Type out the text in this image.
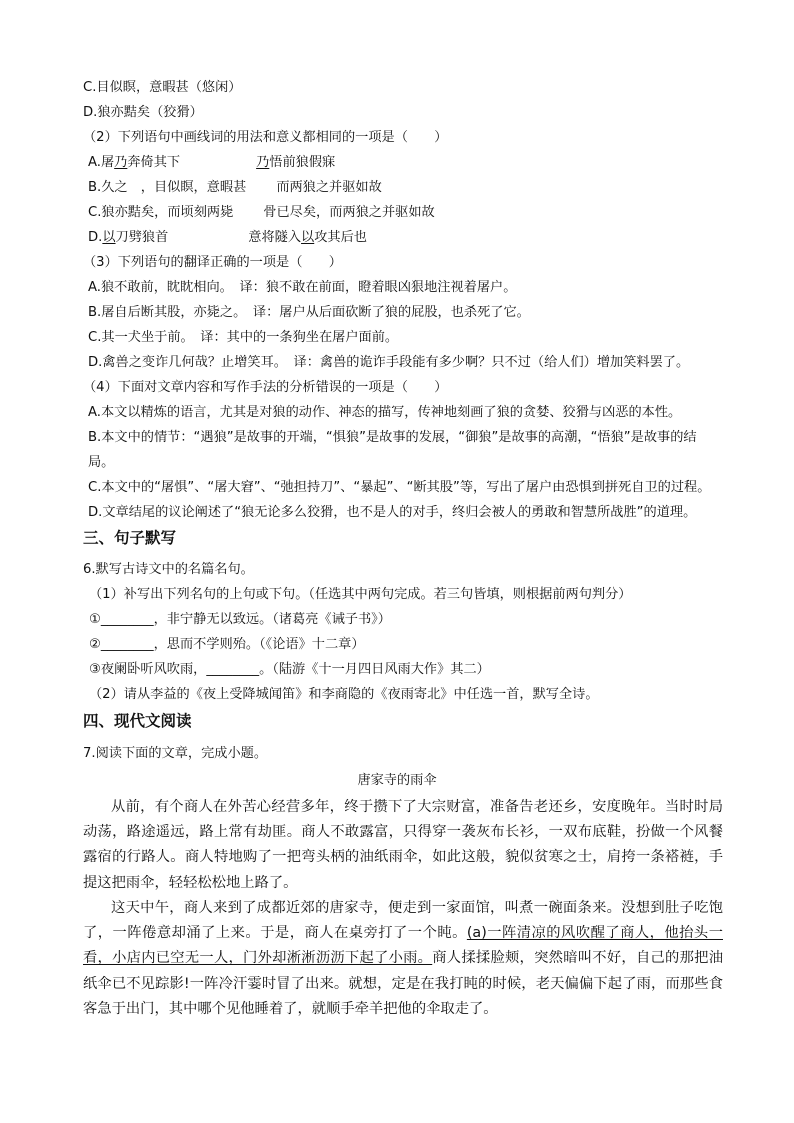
C.目似瞑，意暇甚（悠闲）
D.狼亦黠矣（狡猾）
（2）下列语句中画线词的用法和意义都相同的一项是（　　）
A.屠乃奔倚其下	乃悟前狼假寐
B.久之　，目似瞑，意暇甚 而两狼之并驱如故
C.狼亦黠矣，而顷刻两毙 骨已尽矣，而两狼之并驱如故
D.以刀劈狼首	意将隧入以攻其后也
（3）下列语句的翻译正确的一项是（　　）
A.狼不敢前，眈眈相向。　译：狼不敢在前面，瞪着眼凶狠地注视着屠户。
B.屠自后断其股，亦毙之。　译：屠户从后面砍断了狼的屁股，也杀死了它。
C.其一犬坐于前。　译：其中的一条狗坐在屠户面前。
D.禽兽之变诈几何哉？止增笑耳。　译：禽兽的诡诈手段能有多少啊？只不过（给人们）增加笑料罢了。
（4）下面对文章内容和写作手法的分析错误的一项是（　　）
A.本文以精炼的语言，尤其是对狼的动作、神态的描写，传神地刻画了狼的贪婪、狡猾与凶恶的本性。
B.本文中的情节：“遇狼”是故事的开端，“惧狼”是故事的发展，“御狼”是故事的高潮，“悟狼”是故事的结
局。
C.本文中的“屠惧”、“屠大窘”、“弛担持刀”、“暴起”、“断其股”等，写出了屠户由恐惧到拼死自卫的过程。
D.文章结尾的议论阐述了“狼无论多么狡猾，也不是人的对手，终归会被人的勇敢和智慧所战胜”的道理。
三、句子默写
6.默写古诗文中的名篇名句。
（1）补写出下列名句的上句或下句。（任选其中两句完成。若三句皆填，则根据前两句判分）
①________，非宁静无以致远。（诸葛亮《诫子书》）
②________，思而不学则殆。（《论语》十二章）
③夜阑卧听风吹雨，________。（陆游《十一月四日风雨大作》其二）
（2）请从李益的《夜上受降城闻笛》和李商隐的《夜雨寄北》中任选一首，默写全诗。
四、现代文阅读
7.阅读下面的文章，完成小题。
唐家寺的雨伞
从前，有个商人在外苦心经营多年，终于攒下了大宗财富，准备告老还乡，安度晚年。当时时局动荡，路途遥远，路上常有劫匪。商人不敢露富，只得穿一袭灰布长衫，一双布底鞋，扮做一个风餐露宿的行路人。商人特地购了一把弯头柄的油纸雨伞，如此这般，貌似贫寒之士，肩挎一条褡裢，手提这把雨伞，轻轻松松地上路了。
这天中午，商人来到了成都近郊的唐家寺，便走到一家面馆，叫煮一碗面条来。没想到肚子吃饱了，一阵倦意却涌了上来。于是，商人在桌旁打了一个盹。(a)一阵清凉的风吹醒了商人，他抬头一看，小店内已空无一人，门外却淅淅沥沥下起了小雨。商人揉揉脸颊，突然暗叫不好，自己的那把油纸伞已不见踪影!一阵冷汗霎时冒了出来。就想，定是在我打盹的时候，老天偏偏下起了雨，而那些食客急于出门，其中哪个见他睡着了，就顺手牵羊把他的伞取走了。
